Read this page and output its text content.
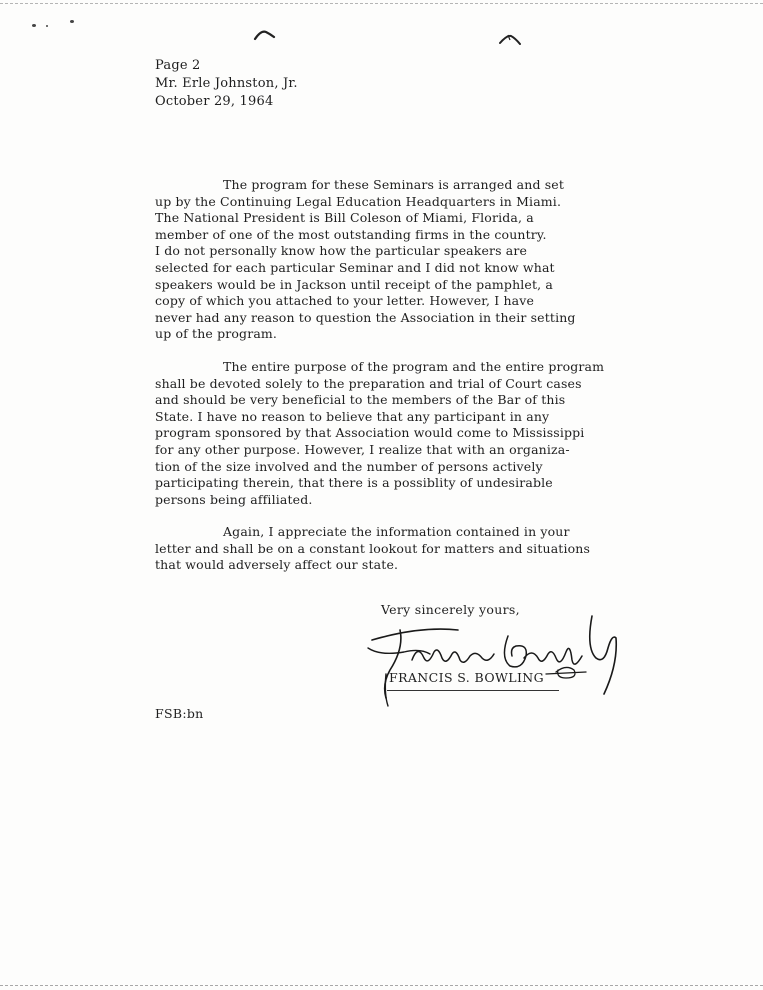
Page 2
Mr. Erle Johnston, Jr.
October 29, 1964
The program for these Seminars is arranged and set
up by the Continuing Legal Education Headquarters in Miami.
The National President is Bill Coleson of Miami, Florida, a
member of one of the most outstanding firms in the country.
I do not personally know how the particular speakers are
selected for each particular Seminar and I did not know what
speakers would be in Jackson until receipt of the pamphlet, a
copy of which you attached to your letter. However, I have
never had any reason to question the Association in their setting
up of the program.
The entire purpose of the program and the entire program
shall be devoted solely to the preparation and trial of Court cases
and should be very beneficial to the members of the Bar of this
State. I have no reason to believe that any participant in any
program sponsored by that Association would come to Mississippi
for any other purpose. However, I realize that with an organiza-
tion of the size involved and the number of persons actively
participating therein, that there is a possiblity of undesirable
persons being affiliated.
Again, I appreciate the information contained in your
letter and shall be on a constant lookout for matters and situations
that would adversely affect our state.
Very sincerely yours,
FRANCIS S. BOWLING
FSB:bn
